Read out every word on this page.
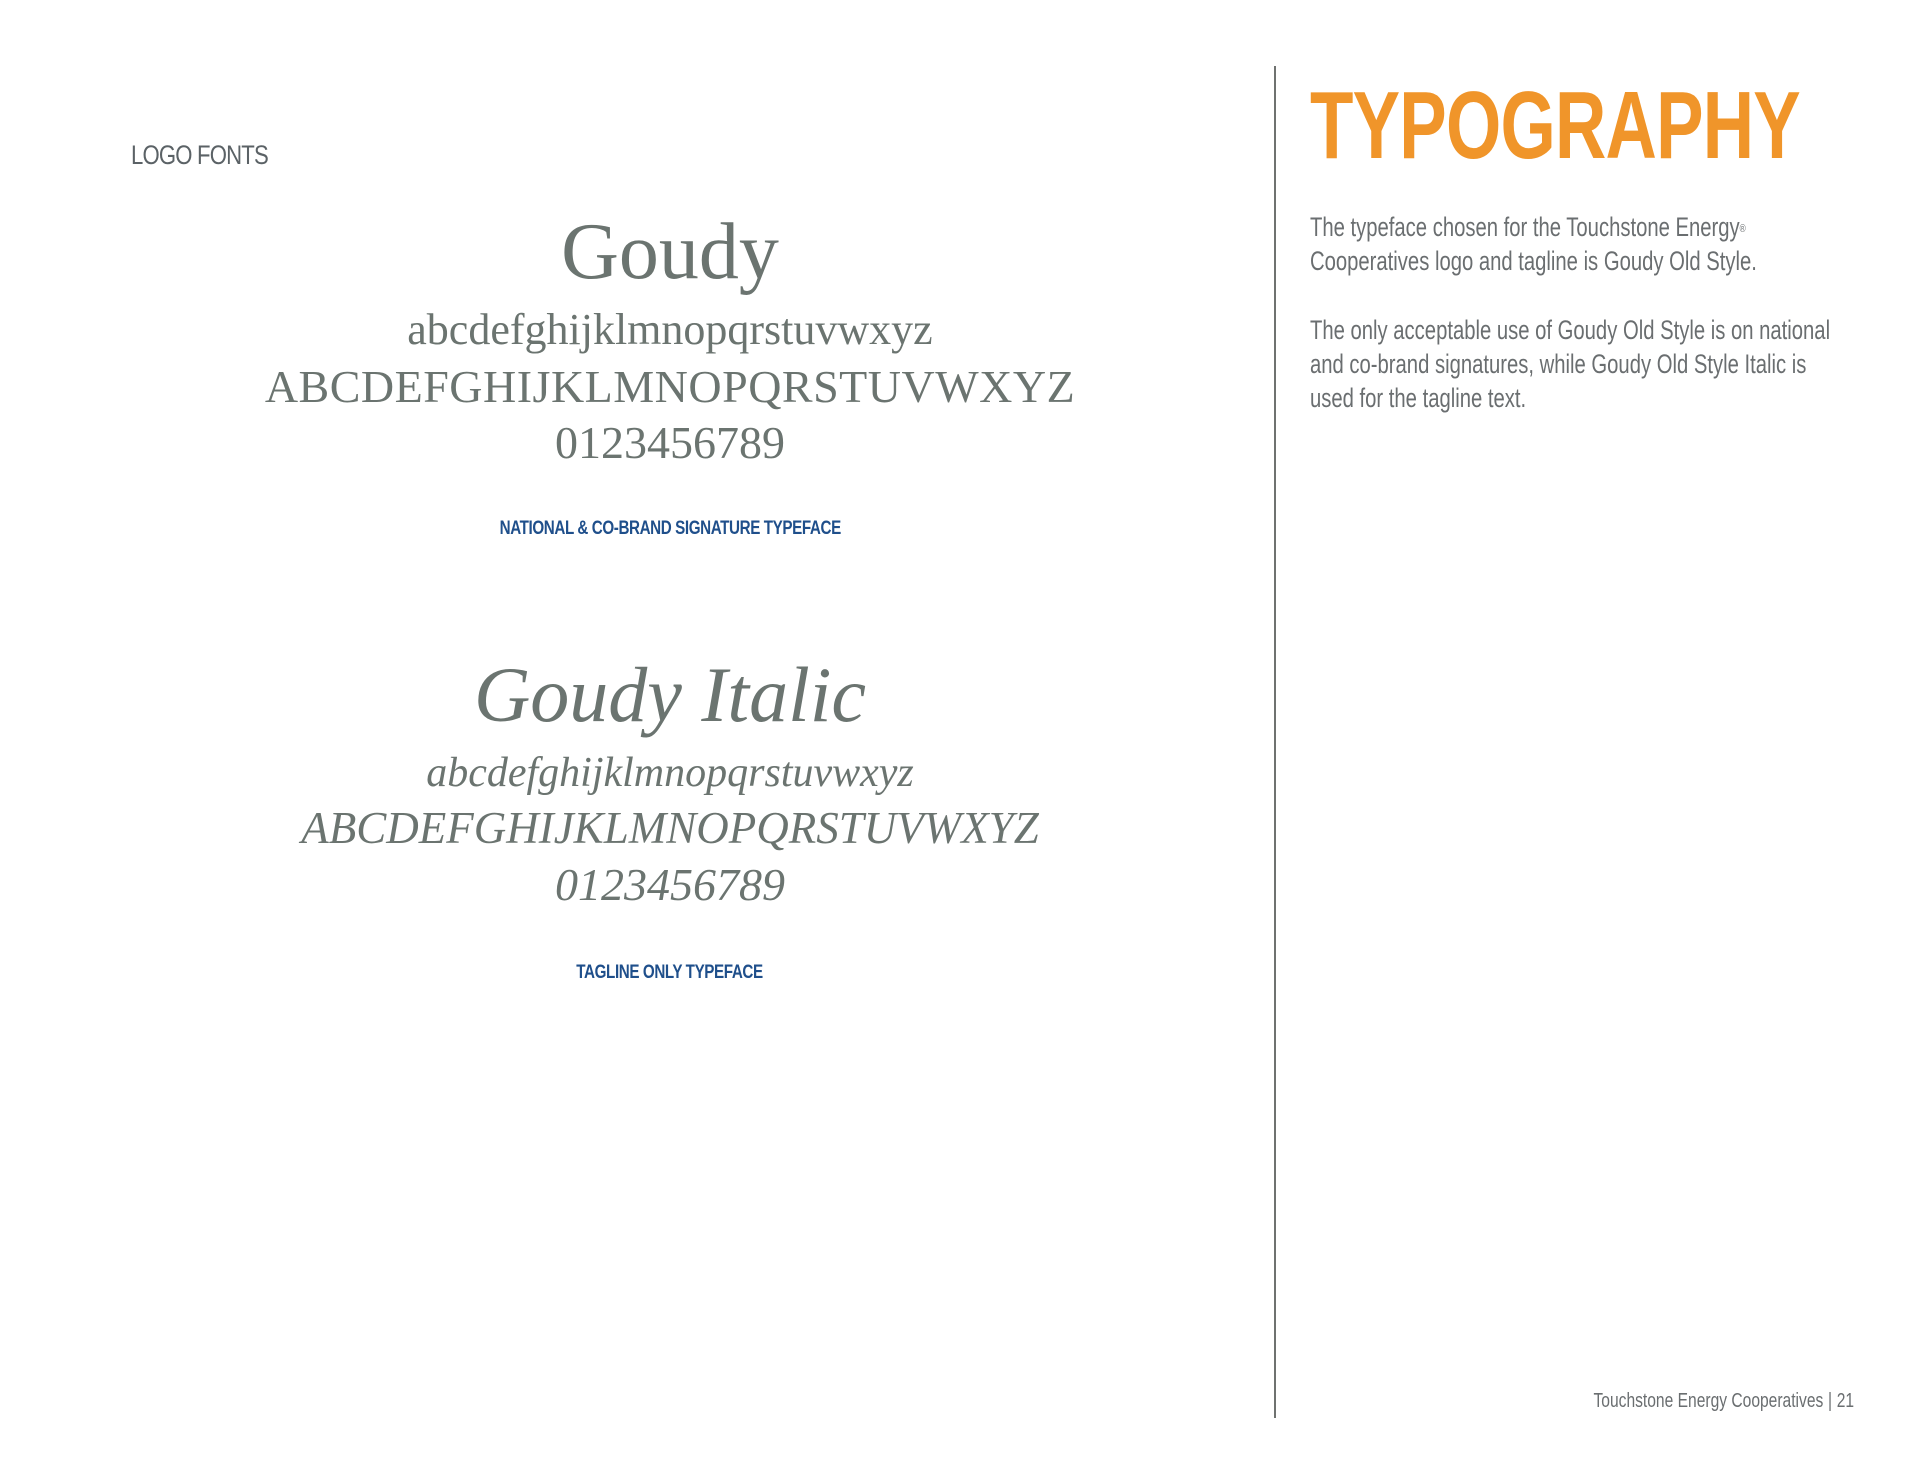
LOGO FONTS
Goudy
abcdefghijklmnopqrstuvwxyz
ABCDEFGHIJKLMNOPQRSTUVWXYZ
0123456789
NATIONAL & CO-BRAND SIGNATURE TYPEFACE
Goudy Italic
abcdefghijklmnopqrstuvwxyz
ABCDEFGHIJKLMNOPQRSTUVWXYZ
0123456789
TAGLINE ONLY TYPEFACE
TYPOGRAPHY
The typeface chosen for the Touchstone Energy®
Cooperatives logo and tagline is Goudy Old Style.
The only acceptable use of Goudy Old Style is on national
and co-brand signatures, while Goudy Old Style Italic is
used for the tagline text.
Touchstone Energy Cooperatives | 21
